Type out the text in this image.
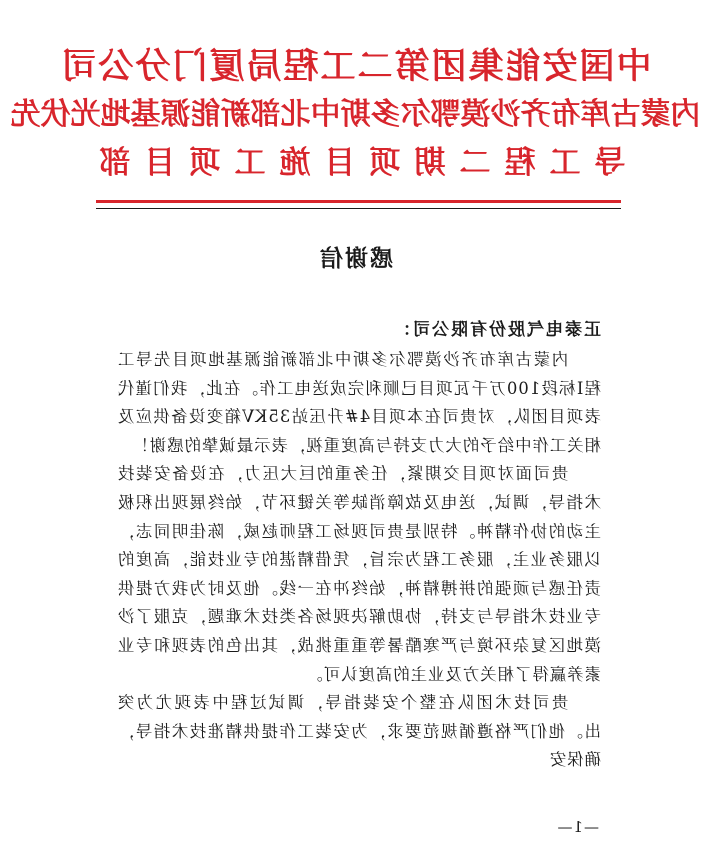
中国安能集团第二工程局厦门分公司
内蒙古库布齐沙漠鄂尔多斯中北部新能源基地光伏先
导工程二期项目施工项目部
感谢信
正泰电气股份有限公司：

内蒙古库布齐沙漠鄂尔多斯中北部新能源基地项目先导工程Ⅰ标段100万千瓦项目已顺利完成送电工作。在此，我们谨代表项目团队，对贵司在本项目4#升压站35KV箱变设备供应及相关工作中给予的大力支持与高度重视，表示最诚挚的感谢！

贵司面对项目交期紧，任务重的巨大压力，在设备安装技术指导，调试，送电及故障消缺等关键环节，始终展现出积极主动的协作精神。特别是贵司现场工程师赵威，陈佳明同志，以服务业主，服务工程为宗旨，凭借精湛的专业技能，高度的责任感与顽强的拼搏精神，始终冲在一线。他及时为我方提供专业技术指导与支持，协助解决现场各类技术难题，克服了沙漠地区复杂环境与严寒酷暑等重重挑战，其出色的表现和专业素养赢得了相关方及业主的高度认可。

贵司技术团队在整个安装指导，调试过程中表现尤为突出。他们严格遵循规范要求，为安装工作提供精准技术指导，确保安

—1—
